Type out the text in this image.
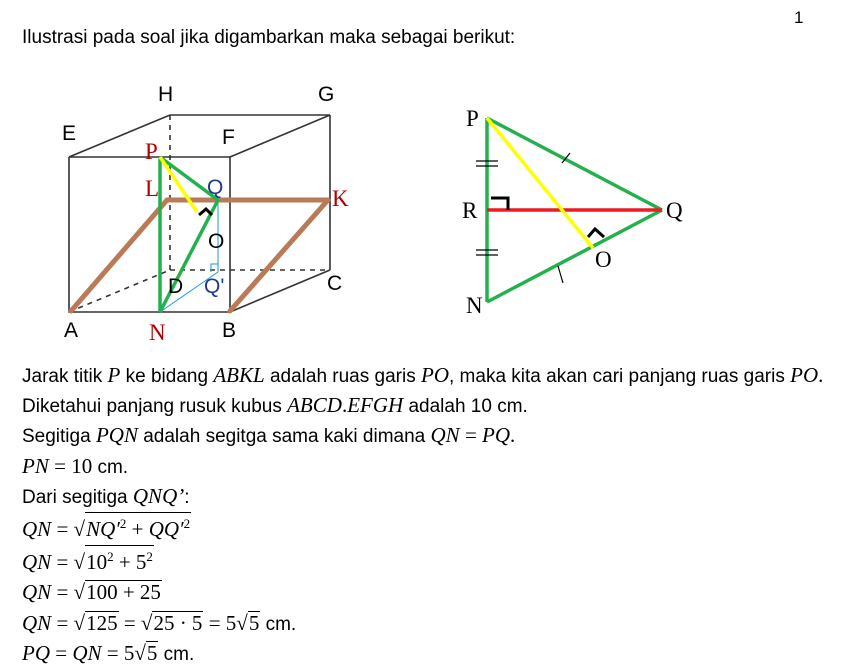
1
Ilustrasi pada soal jika digambarkan maka sebagai berikut:
H	G
E	F
P
L Q	K
O
D Q'	C
A	N	B
P
R	Q
O
N
Jarak titik P ke bidang ABKL adalah ruas garis PO, maka kita akan cari panjang ruas garis PO.
Diketahui panjang rusuk kubus ABCD.EFGH adalah 10 cm.
Segitiga PQN adalah segitga sama kaki dimana QN = PQ.
PN = 10 cm.
Dari segitiga QNQ’:
QN = $√NQ'^2 + QQ'^2$
QN = $√10^2 + 5^2$
QN = √100 + 25
QN = √125 = √25 · 5 = 5√5 cm.
PQ = QN = 5√5 cm.
